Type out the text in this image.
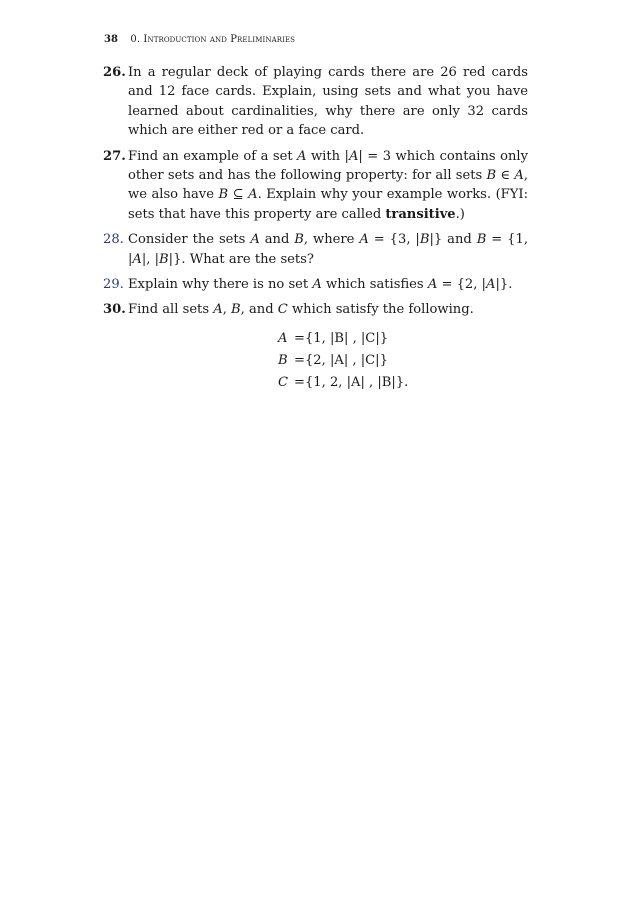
38 0. Introduction and Preliminaries
26. In a regular deck of playing cards there are 26 red cards and 12 face cards. Explain, using sets and what you have learned about cardinalities, why there are only 32 cards which are either red or a face card.
27. Find an example of a set A with |A| = 3 which contains only other sets and has the following property: for all sets B ∈ A, we also have B ⊆ A. Explain why your example works. (FYI: sets that have this property are called transitive.)
28. Consider the sets A and B, where A = {3, |B|} and B = {1, |A|, |B|}. What are the sets?
29. Explain why there is no set A which satisfies A = {2, |A|}.
30. Find all sets A, B, and C which satisfy the following.
A ={1, |B| , |C|}
B ={2, |A| , |C|}
C ={1, 2, |A| , |B|}.
